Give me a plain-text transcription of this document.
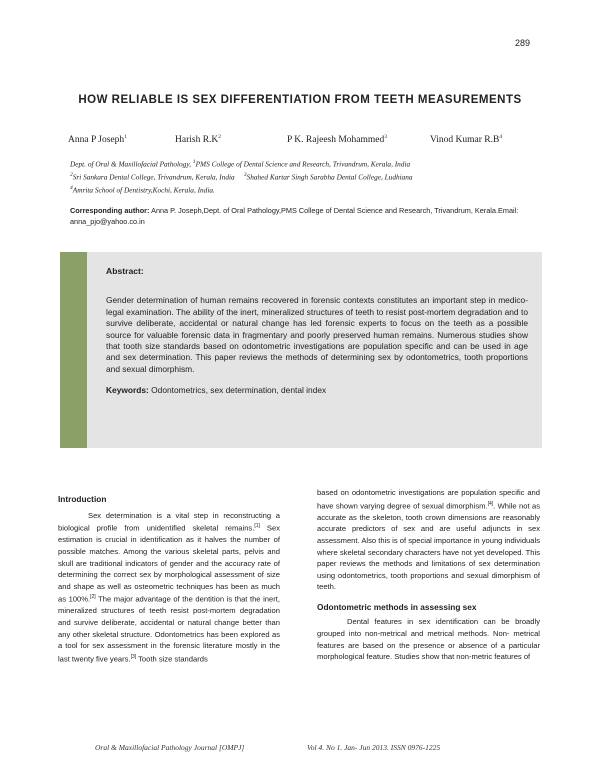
289
HOW RELIABLE IS SEX DIFFERENTIATION FROM TEETH MEASUREMENTS
Anna P Joseph$^1$	Harish $R.K^2$	P K. Rajeesh Mohammed$^3$	Vinod Kumar $R.B^4$
Dept. of Oral & Maxillofacial Pathology, $^1$PMS College of Dental Science and Research, Trivandrum, Kerala, India
$^2$Sri Sankara Dental College, Trivandrum, Kerala, India $^3$Shahed Kartar Singh Sarabha Dental College, Ludhiana
$^4$Amrita School of Dentistry,Kochi, Kerala, India.
Corresponding author: Anna P. Joseph,Dept. of Oral Pathology,PMS College of Dental Science and Research, Trivandrum, Kerala.Email: anna_pjo@yahoo.co.in
Abstract:

Gender determination of human remains recovered in forensic contexts constitutes an important step in medico-legal examination. The ability of the inert, mineralized structures of teeth to resist post-mortem degradation and to survive deliberate, accidental or natural change has led forensic experts to focus on the teeth as a possible source for valuable forensic data in fragmentary and poorly preserved human remains. Numerous studies show that tooth size standards based on odontometric investigations are population specific and can be used in age and sex determination. This paper reviews the methods of determining sex by odontometrics, tooth proportions and sexual dimorphism.

Keywords: Odontometrics, sex determination, dental index
Introduction

Sex determination is a vital step in reconstructing a biological profile from unidentified skeletal remains.[1] Sex estimation is crucial in identification as it halves the number of possible matches. Among the various skeletal parts, pelvis and skull are traditional indicators of gender and the accuracy rate of determining the correct sex by morphological assessment of size and shape as well as osteometric techniques has been as much as 100%.[2] The major advantage of the dentition is that the inert, mineralized structures of teeth resist post-mortem degradation and survive deliberate, accidental or natural change better than any other skeletal structure. Odontometrics has been explored as a tool for sex assessment in the forensic literature mostly in the last twenty five years.[3] Tooth size standards

based on odontometric investigations are population specific and have shown varying degree of sexual dimorphism.[4]. While not as accurate as the skeleton, tooth crown dimensions are reasonably accurate predictors of sex and are useful adjuncts in sex assessment. Also this is of special importance in young individuals where skeletal secondary characters have not yet developed. This paper reviews the methods and limitations of sex determination using odontometrics, tooth proportions and sexual dimorphism of teeth.

Odontometric methods in assessing sex

Dental features in sex identification can be broadly grouped into non-metrical and metrical methods. Non- metrical features are based on the presence or absence of a particular morphological feature. Studies show that non-metric features of

Oral & Maxillofacial Pathology Journal [OMPJ]	Vol 4. No 1. Jan- Jun 2013. ISSN 0976-1225
